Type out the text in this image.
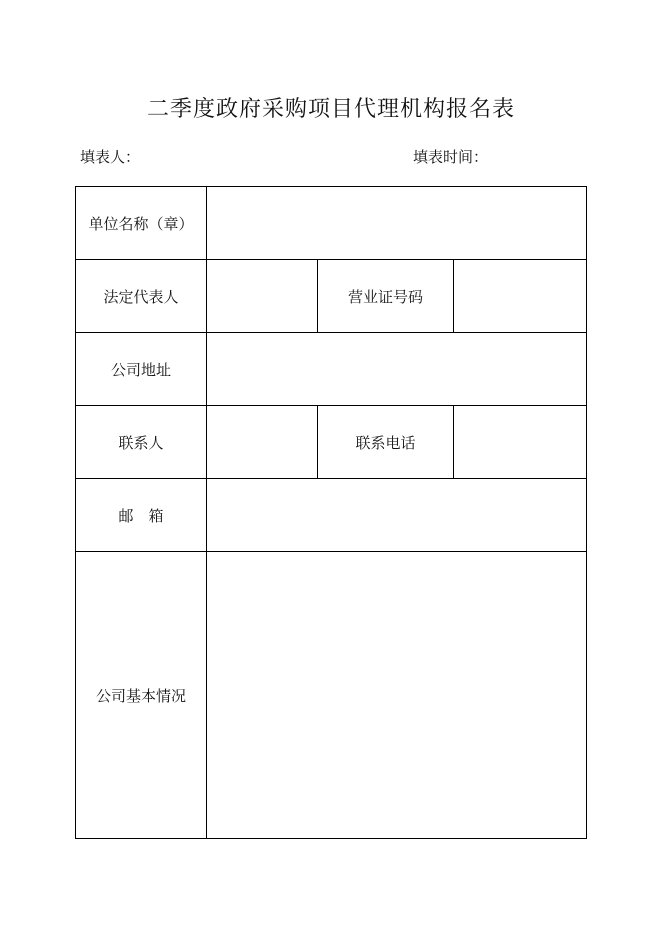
二季度政府采购项目代理机构报名表
填表人：	填表时间：
单位名称（章）			
法定代表人		营业证号码	
公司地址			
联系人		联系电话	
邮　箱			
公司基本情况			
